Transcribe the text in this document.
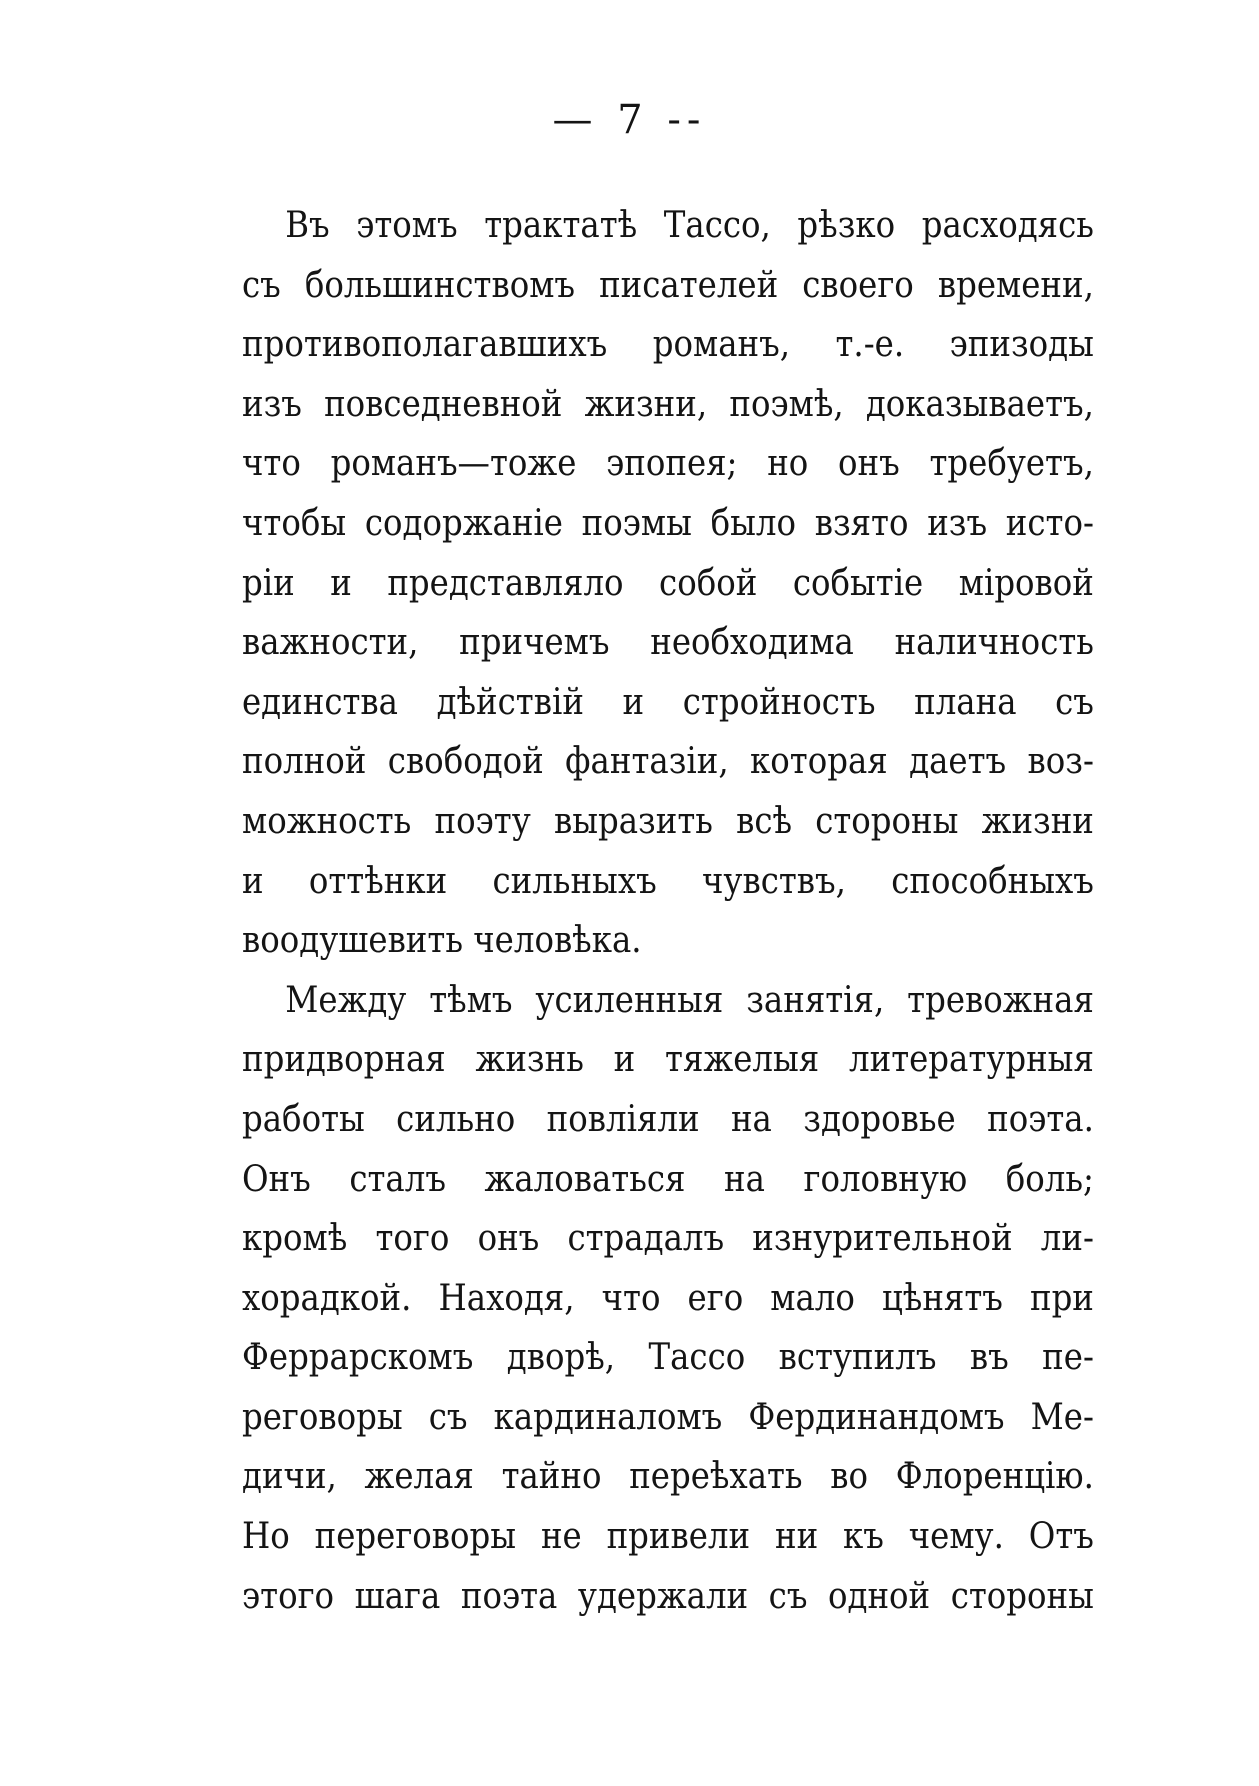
— 7 --
Въ этомъ трактатѣ Тассо, рѣзко расходясь
съ большинствомъ писателей своего времени,
противополагавшихъ романъ, т.-е. эпизоды
изъ повседневной жизни, поэмѣ, доказываетъ,
что романъ—тоже эпопея; но онъ требуетъ,
чтобы содоржаніе поэмы было взято изъ исто-
ріи и представляло собой событіе міровой
важности, причемъ необходима наличность
единства дѣйствій и стройность плана съ
полной свободой фантазіи, которая даетъ воз-
можность поэту выразить всѣ стороны жизни
и оттѣнки сильныхъ чувствъ, способныхъ
воодушевить человѣка.
Между тѣмъ усиленныя занятія, тревожная
придворная жизнь и тяжелыя литературныя
работы сильно повліяли на здоровье поэта.
Онъ сталъ жаловаться на головную боль;
кромѣ того онъ страдалъ изнурительной ли-
хорадкой. Находя, что его мало цѣнятъ при
Феррарскомъ дворѣ, Тассо вступилъ въ пе-
реговоры съ кардиналомъ Фердинандомъ Ме-
дичи, желая тайно переѣхать во Флоренцію.
Но переговоры не привели ни къ чему. Отъ
этого шага поэта удержали съ одной стороны
